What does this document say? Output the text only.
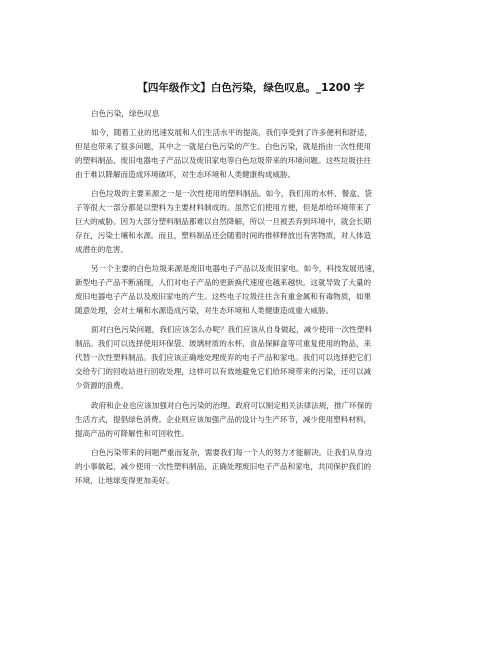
【四年级作文】白色污染，绿色叹息。_1200 字
白色污染，绿色叹息
如今，随着工业的迅速发展和人们生活水平的提高，我们享受到了许多便利和舒适，
但是也带来了很多问题，其中之一就是白色污染的产生。白色污染，就是指由一次性使用
的塑料制品、废旧电器电子产品以及废旧家电等白色垃圾带来的环境问题。这些垃圾往往
由于难以降解而造成环境破坏，对生态环境和人类健康构成威胁。
白色垃圾的主要来源之一是一次性使用的塑料制品。如今，我们用的水杯、餐盒、袋
子等很大一部分都是以塑料为主要材料制成的。虽然它们使用方便，但是却给环境带来了
巨大的威胁。因为大部分塑料制品都难以自然降解，所以一旦被丢弃到环境中，就会长期
存在，污染土壤和水源。而且，塑料制品还会随着时间的推移释放出有害物质，对人体造
成潜在的危害。
另一个主要的白色垃圾来源是废旧电器电子产品以及废旧家电。如今，科技发展迅速，
新型电子产品不断涌现，人们对电子产品的更新换代速度也越来越快。这就导致了大量的
废旧电器电子产品以及废旧家电的产生。这些电子垃圾往往含有重金属和有毒物质，如果
随意处理，会对土壤和水源造成污染，对生态环境和人类健康造成重大威胁。
面对白色污染问题，我们应该怎么办呢？我们应该从自身做起，减少使用一次性塑料
制品。我们可以选择使用环保袋、玻璃材质的水杯、食品保鲜盒等可重复使用的物品，来
代替一次性塑料制品。我们应该正确地处理废弃的电子产品和家电。我们可以选择把它们
交给专门的回收站进行回收处理，这样可以有效地避免它们给环境带来的污染，还可以减
少资源的浪费。
政府和企业也应该加强对白色污染的治理。政府可以制定相关法律法规，推广环保的
生活方式，提倡绿色消费。企业则应该加强产品的设计与生产环节，减少使用塑料材料，
提高产品的可降解性和可回收性。
白色污染带来的问题严重而复杂，需要我们每一个人的努力才能解决。让我们从身边
的小事做起，减少使用一次性塑料制品，正确处理废旧电子产品和家电，共同保护我们的
环境，让地球变得更加美好。
